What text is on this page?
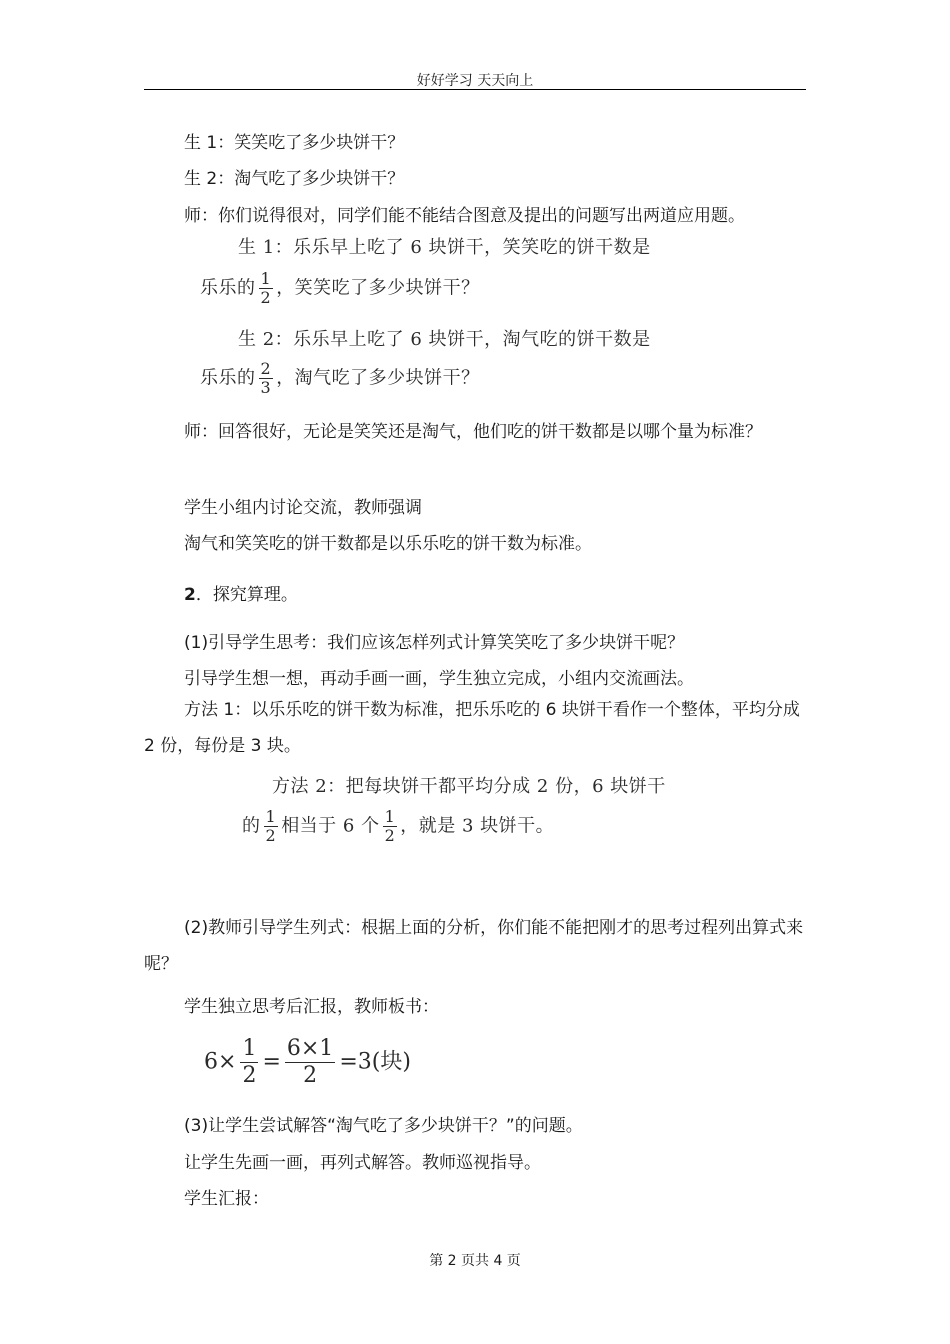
好好学习 天天向上
生 1：笑笑吃了多少块饼干？
生 2：淘气吃了多少块饼干？
师：你们说得很对，同学们能不能结合图意及提出的问题写出两道应用题。
生 1：乐乐早上吃了 6 块饼干，笑笑吃的饼干数是
乐乐的 $\frac{1}{2}$ ，笑笑吃了多少块饼干？
生 2：乐乐早上吃了 6 块饼干，淘气吃的饼干数是
乐乐的 $\frac{2}{3}$ ，淘气吃了多少块饼干？
师：回答很好，无论是笑笑还是淘气，他们吃的饼干数都是以哪个量为标准？
学生小组内讨论交流，教师强调
淘气和笑笑吃的饼干数都是以乐乐吃的饼干数为标准。
2．探究算理。
(1)引导学生思考：我们应该怎样列式计算笑笑吃了多少块饼干呢？
引导学生想一想，再动手画一画，学生独立完成，小组内交流画法。
方法 1：以乐乐吃的饼干数为标准，把乐乐吃的 6 块饼干看作一个整体，平均分成 2 份，每份是 3 块。
方法 2：把每块饼干都平均分成 2 份，6 块饼干
的 $\frac{1}{2}$ 相当于 6 个 $\frac{1}{2}$ ，就是 3 块饼干。
(2)教师引导学生列式：根据上面的分析，你们能不能把刚才的思考过程列出算式来呢？
学生独立思考后汇报，教师板书：
$6\times \frac{1}{2} = \frac{6\times 1}{2} =3$(块)
(3)让学生尝试解答“淘气吃了多少块饼干？”的问题。
让学生先画一画，再列式解答。教师巡视指导。
学生汇报：
第 2 页共 4 页
